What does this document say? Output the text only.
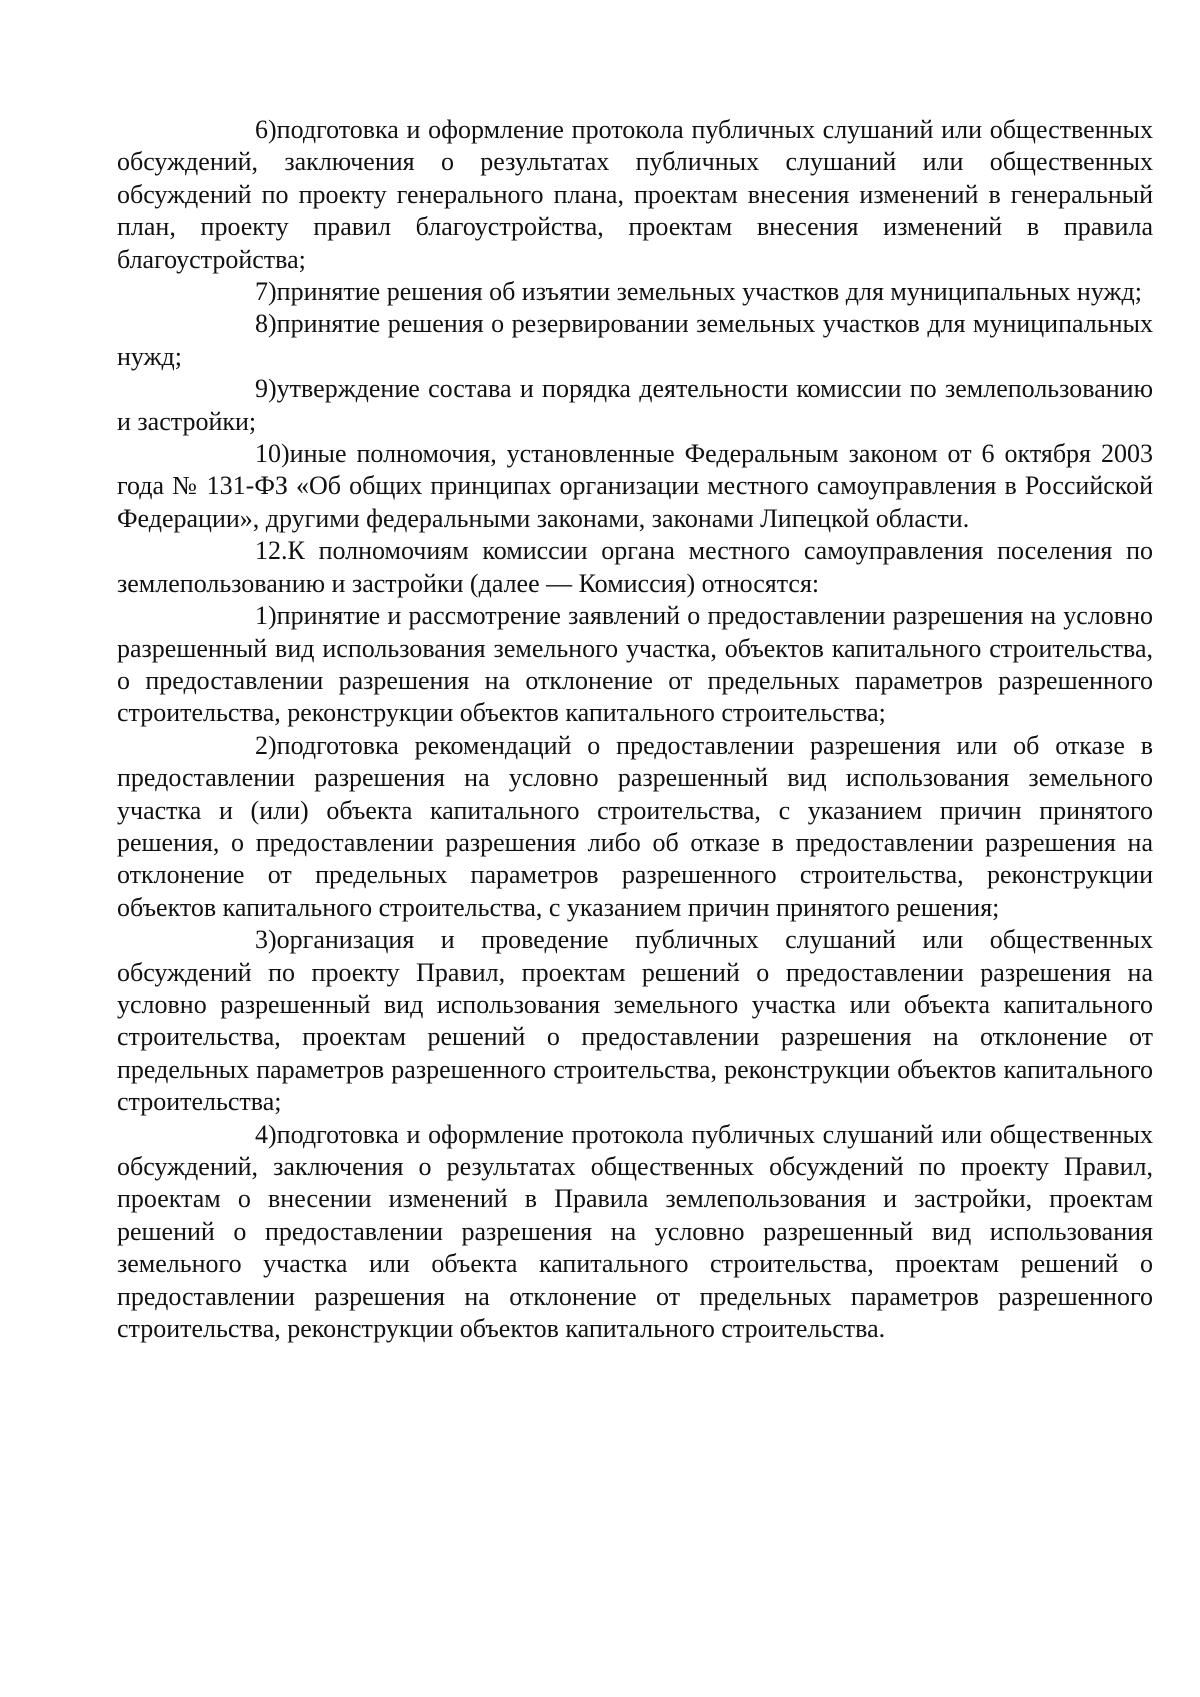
6)подготовка и оформление протокола публичных слушаний или общественных обсуждений, заключения о результатах публичных слушаний или общественных обсуждений по проекту генерального плана, проектам внесения изменений в генеральный план, проекту правил благоустройства, проектам внесения изменений в правила благоустройства;

7)принятие решения об изъятии земельных участков для муниципальных нужд;

8)принятие решения о резервировании земельных участков для муниципальных нужд;

9)утверждение состава и порядка деятельности комиссии по землепользованию и застройки;

10)иные полномочия, установленные Федеральным законом от 6 октября 2003 года № 131-ФЗ «Об общих принципах организации местного самоуправления в Российской Федерации», другими федеральными законами, законами Липецкой области.

12.К полномочиям комиссии органа местного самоуправления поселения по землепользованию и застройки (далее — Комиссия) относятся:

1)принятие и рассмотрение заявлений о предоставлении разрешения на условно разрешенный вид использования земельного участка, объектов капитального строительства, о предоставлении разрешения на отклонение от предельных параметров разрешенного строительства, реконструкции объектов капитального строительства;

2)подготовка рекомендаций о предоставлении разрешения или об отказе в предоставлении разрешения на условно разрешенный вид использования земельного участка и (или) объекта капитального строительства, с указанием причин принятого решения, о предоставлении разрешения либо об отказе в предоставлении разрешения на отклонение от предельных параметров разрешенного строительства, реконструкции объектов капитального строительства, с указанием причин принятого решения;

3)организация и проведение публичных слушаний или общественных обсуждений по проекту Правил, проектам решений о предоставлении разрешения на условно разрешенный вид использования земельного участка или объекта капитального строительства, проектам решений о предоставлении разрешения на отклонение от предельных параметров разрешенного строительства, реконструкции объектов капитального строительства;

4)подготовка и оформление протокола публичных слушаний или общественных обсуждений, заключения о результатах общественных обсуждений по проекту Правил, проектам о внесении изменений в Правила землепользования и застройки, проектам решений о предоставлении разрешения на условно разрешенный вид использования земельного участка или объекта капитального строительства, проектам решений о предоставлении разрешения на отклонение от предельных параметров разрешенного строительства, реконструкции объектов капитального строительства.
